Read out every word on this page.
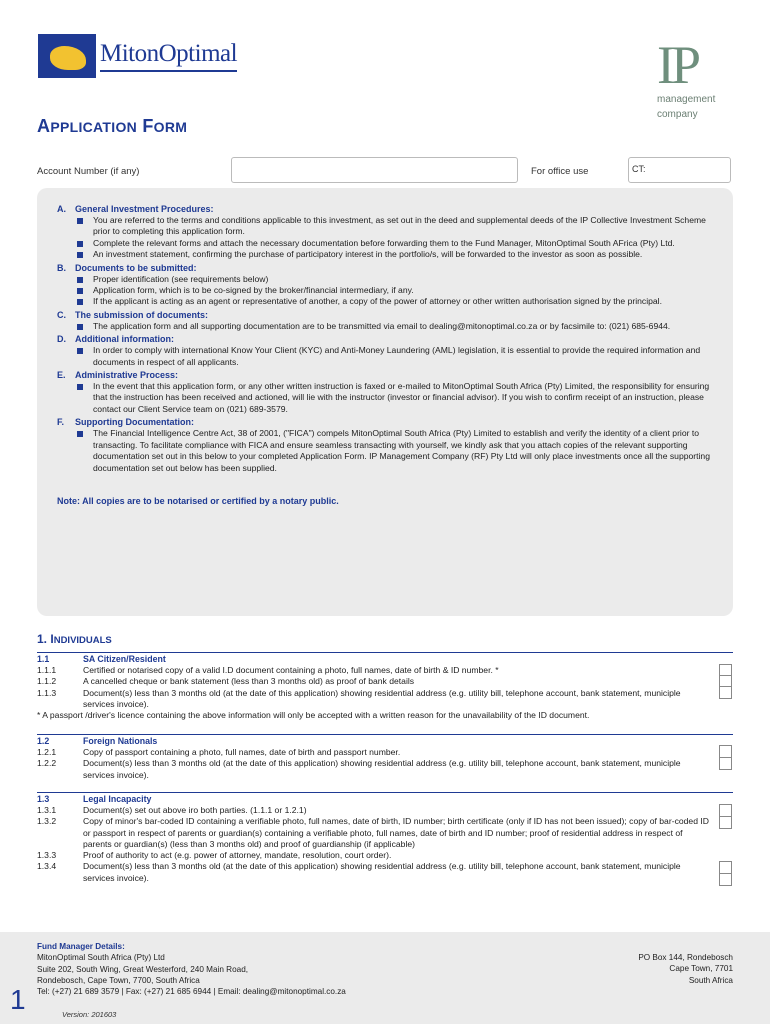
MitonOptimal	IP
management
company
APPLICATION FORM
Account Number (if any)	For office use	CT:
A. General Investment Procedures:

You are referred to the terms and conditions applicable to this investment, as set out in the deed and supplemental deeds of the IP Collective Investment Scheme prior to completing this application form.

Complete the relevant forms and attach the necessary documentation before forwarding them to the Fund Manager, MitonOptimal South AFrica (Pty) Ltd.

An investment statement, confirming the purchase of participatory interest in the portfolio/s, will be forwarded to the investor as soon as possible.

B. Documents to be submitted:

Proper identification (see requirements below)

Application form, which is to be co-signed by the broker/financial intermediary, if any.

If the applicant is acting as an agent or representative of another, a copy of the power of attorney or other written authorisation signed by the principal.

C. The submission of documents:

The application form and all supporting documentation are to be transmitted via email to dealing@mitonoptimal.co.za or by facsimile to: (021) 685-6944.

D. Additional information:

In order to comply with international Know Your Client (KYC) and Anti-Money Laundering (AML) legislation, it is essential to provide the required information and documents in respect of all applicants.

E. Administrative Process:

In the event that this application form, or any other written instruction is faxed or e-mailed to MitonOptimal South Africa (Pty) Limited, the responsibility for ensuring that the instruction has been received and actioned, will lie with the instructor (investor or financial advisor). If you wish to confirm receipt of an instruction, please contact our Client Service team on (021) 689-3579.

F. Supporting Documentation:

The Financial Intelligence Centre Act, 38 of 2001, ("FICA") compels MitonOptimal South Africa (Pty) Limited to establish and verify the identity of a client prior to transacting. To facilitate compliance with FICA and ensure seamless transacting with yourself, we kindly ask that you attach copies of the relevant supporting documentation set out in this below to your completed Application Form. IP Management Company (RF) Pty Ltd will only place investments once all the supporting documentation set out below has been supplied.

Note: All copies are to be notarised or certified by a notary public.
1. INDIVIDUALS
1.1	SA Citizen/Resident
1.1.1	Certified or notarised copy of a valid I.D document containing a photo, full names, date of birth & ID number. *
1.1.2	A cancelled cheque or bank statement (less than 3 months old) as proof of bank details
1.1.3	Document(s) less than 3 months old (at the date of this application) showing residential address (e.g. utility bill, telephone account, bank statement, municiple services invoice).
* A passport /driver's licence containing the above information will only be accepted with a written reason for the unavailability of the ID document.
1.2	Foreign Nationals
1.2.1	Copy of passport containing a photo, full names, date of birth and passport number.
1.2.2	Document(s) less than 3 months old (at the date of this application) showing residential address (e.g. utility bill, telephone account, bank statement, municiple services invoice).
1.3	Legal Incapacity
1.3.1	Document(s) set out above iro both parties. (1.1.1 or 1.2.1)
1.3.2	Copy of minor's bar-coded ID containing a verifiable photo, full names, date of birth, ID number; birth certificate (only if ID has not been issued); copy of bar-coded ID or passport in respect of parents or guardian(s) containing a verifiable photo, full names, date of birth and ID number; proof of residential address in respect of parents or guardian(s) (less than 3 months old) and proof of guardianship (if applicable)
1.3.3	Proof of authority to act (e.g. power of attorney, mandate, resolution, court order).
1.3.4	Document(s) less than 3 months old (at the date of this application) showing residential address (e.g. utility bill, telephone account, bank statement, municiple services invoice).
Fund Manager Details:
MitonOptimal South Africa (Pty) Ltd
Suite 202, South Wing, Great Westerford, 240 Main Road,
Rondebosch, Cape Town, 7700, South Africa
Tel: (+27) 21 689 3579 | Fax: (+27) 21 685 6944 | Email: dealing@mitonoptimal.co.za
PO Box 144, Rondebosch
Cape Town, 7701
South Africa
1	Version: 201603
